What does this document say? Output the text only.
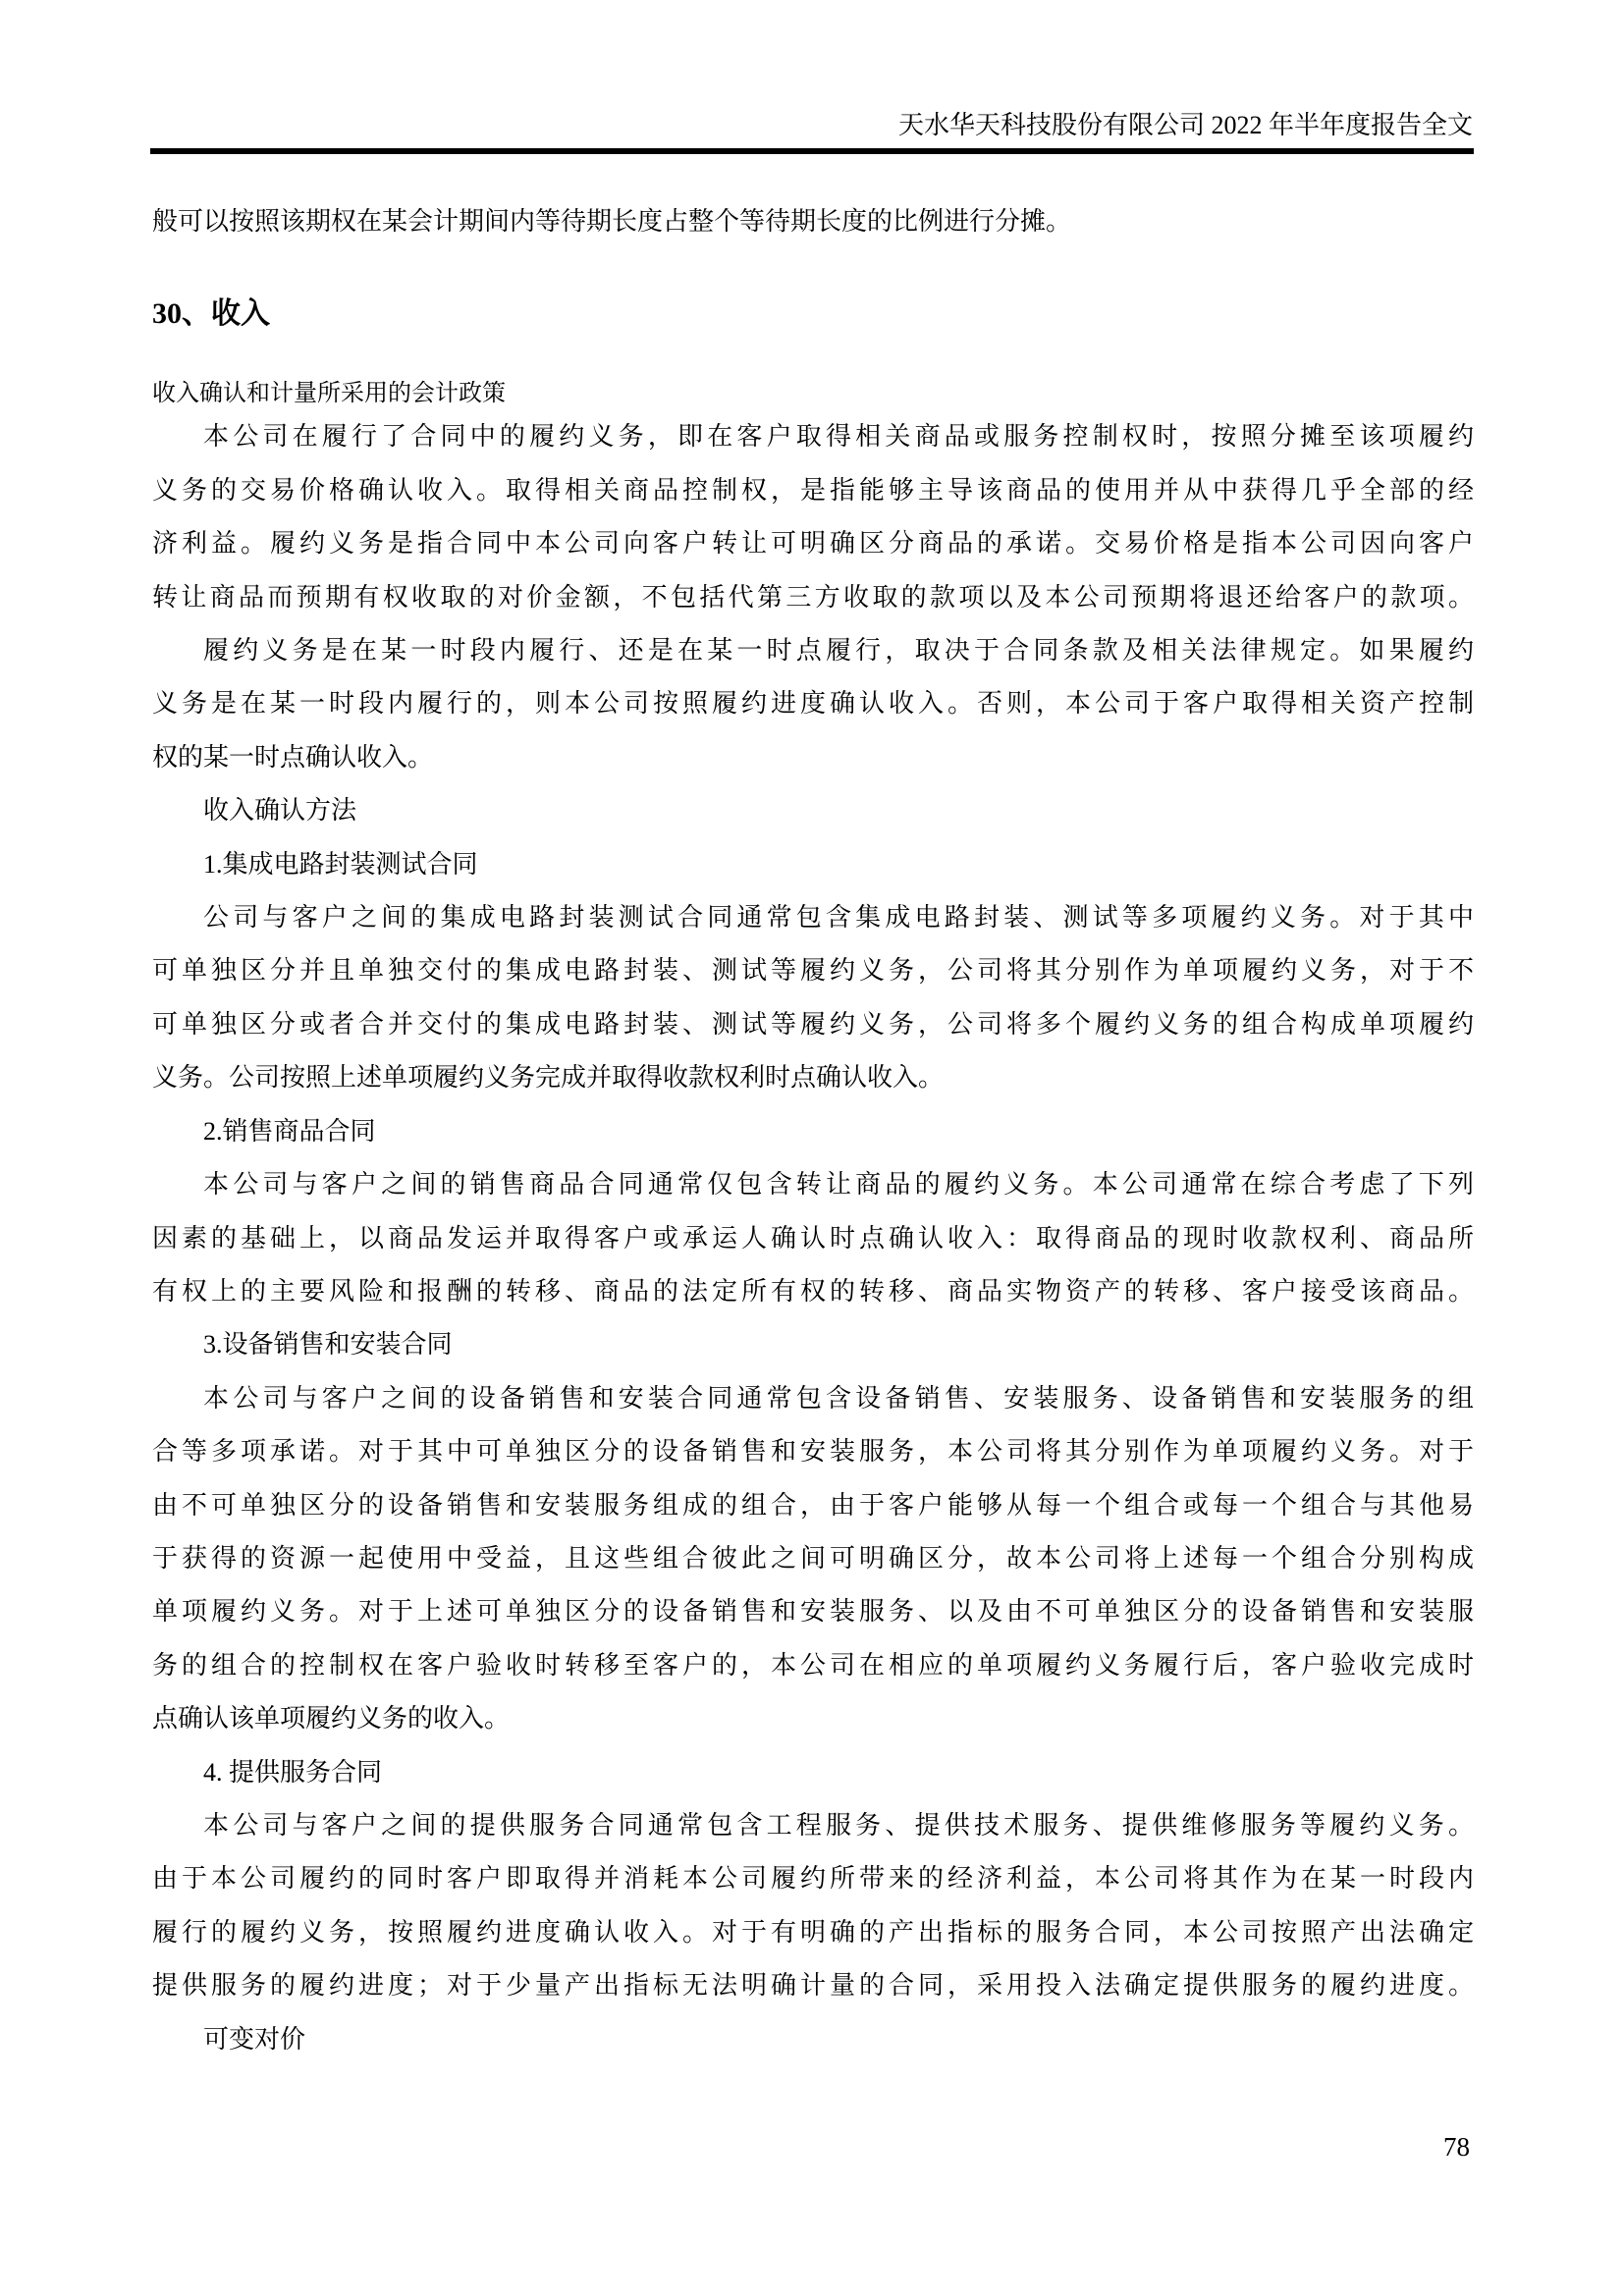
天水华天科技股份有限公司 2022 年半年度报告全文
般可以按照该期权在某会计期间内等待期长度占整个等待期长度的比例进行分摊。
30、收入
收入确认和计量所采用的会计政策
本公司在履行了合同中的履约义务，即在客户取得相关商品或服务控制权时，按照分摊至该项履约
义务的交易价格确认收入。取得相关商品控制权，是指能够主导该商品的使用并从中获得几乎全部的经
济利益。履约义务是指合同中本公司向客户转让可明确区分商品的承诺。交易价格是指本公司因向客户
转让商品而预期有权收取的对价金额，不包括代第三方收取的款项以及本公司预期将退还给客户的款项。
履约义务是在某一时段内履行、还是在某一时点履行，取决于合同条款及相关法律规定。如果履约
义务是在某一时段内履行的，则本公司按照履约进度确认收入。否则，本公司于客户取得相关资产控制
权的某一时点确认收入。
收入确认方法
1.集成电路封装测试合同
公司与客户之间的集成电路封装测试合同通常包含集成电路封装、测试等多项履约义务。对于其中
可单独区分并且单独交付的集成电路封装、测试等履约义务，公司将其分别作为单项履约义务，对于不
可单独区分或者合并交付的集成电路封装、测试等履约义务，公司将多个履约义务的组合构成单项履约
义务。公司按照上述单项履约义务完成并取得收款权利时点确认收入。
2.销售商品合同
本公司与客户之间的销售商品合同通常仅包含转让商品的履约义务。本公司通常在综合考虑了下列
因素的基础上，以商品发运并取得客户或承运人确认时点确认收入：取得商品的现时收款权利、商品所
有权上的主要风险和报酬的转移、商品的法定所有权的转移、商品实物资产的转移、客户接受该商品。
3.设备销售和安装合同
本公司与客户之间的设备销售和安装合同通常包含设备销售、安装服务、设备销售和安装服务的组
合等多项承诺。对于其中可单独区分的设备销售和安装服务，本公司将其分别作为单项履约义务。对于
由不可单独区分的设备销售和安装服务组成的组合，由于客户能够从每一个组合或每一个组合与其他易
于获得的资源一起使用中受益，且这些组合彼此之间可明确区分，故本公司将上述每一个组合分别构成
单项履约义务。对于上述可单独区分的设备销售和安装服务、以及由不可单独区分的设备销售和安装服
务的组合的控制权在客户验收时转移至客户的，本公司在相应的单项履约义务履行后，客户验收完成时
点确认该单项履约义务的收入。
4. 提供服务合同
本公司与客户之间的提供服务合同通常包含工程服务、提供技术服务、提供维修服务等履约义务。
由于本公司履约的同时客户即取得并消耗本公司履约所带来的经济利益，本公司将其作为在某一时段内
履行的履约义务，按照履约进度确认收入。对于有明确的产出指标的服务合同，本公司按照产出法确定
提供服务的履约进度；对于少量产出指标无法明确计量的合同，采用投入法确定提供服务的履约进度。
可变对价
78
